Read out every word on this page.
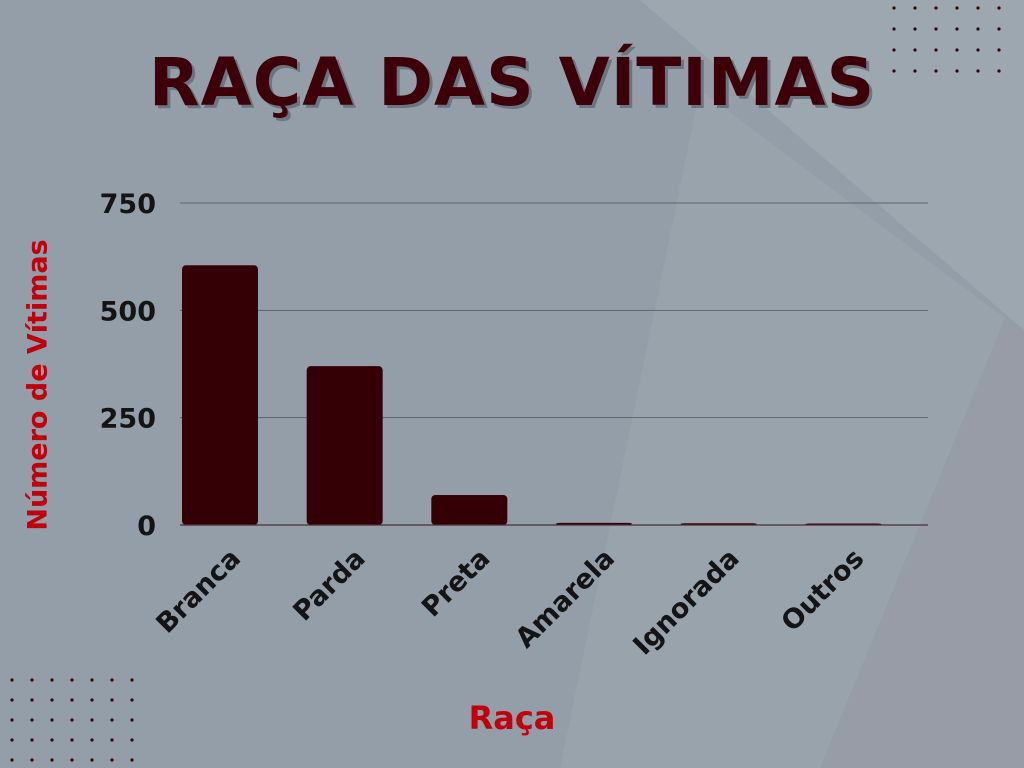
RAÇA DAS VÍTIMAS
0
250
500
750
Branca Parda Preta Amarela Ignorada Outros
Número de Vítimas
Raça
